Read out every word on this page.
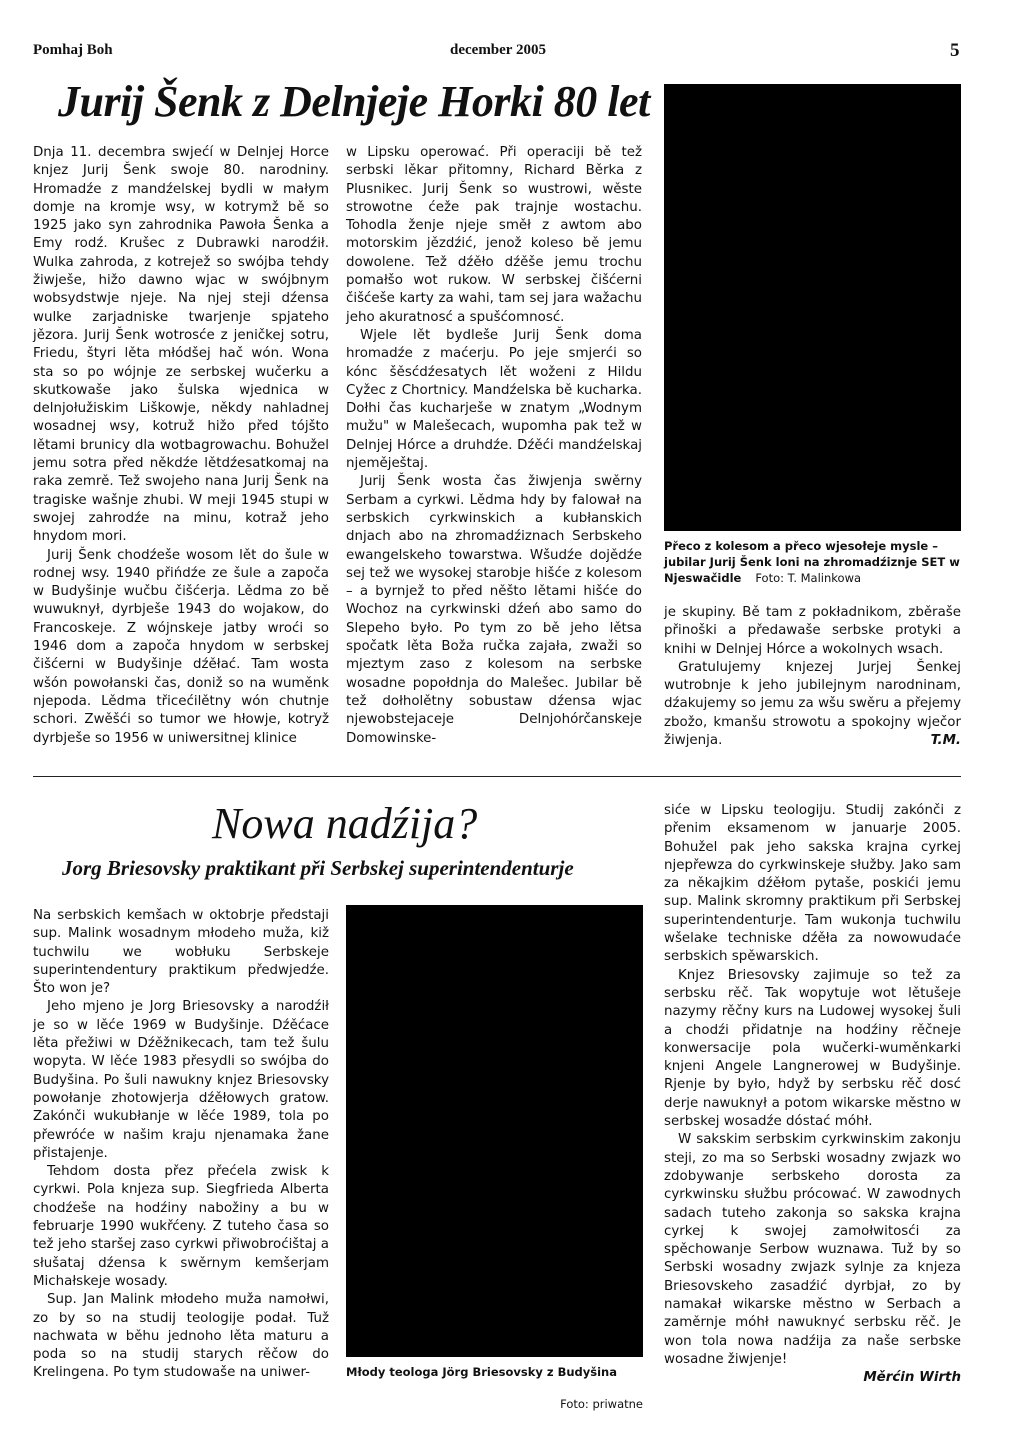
Pomhaj Boh	december 2005	5
Jurij Šenk z Delnjeje Horki 80 let

Dnja 11. decembra swjećí w Delnjej Horce knjez Jurij Šenk swoje 80. narodniny. Hromadźe z mandźelskej bydli w małym domje na kromje wsy, w kotrymž bě so 1925 jako syn zahrodnika Pawoła Šenka a Emy rodź. Krušec z Dubrawki narodźił. Wulka zahroda, z kotrejež so swójba tehdy žiwješe, hižo dawno wjac w swójbnym wobsydstwje njeje. Na njej steji dźensa wulke zarjadniske twarjenje spjateho jězora. Jurij Šenk wotrosće z jeničkej sotru, Friedu, štyri lěta młódšej hač wón. Wona sta so po wójnje ze serbskej wučerku a skutkowaše jako šulska wjednica w delnjołužiskim Liškowje, někdy nahladnej wosadnej wsy, kotruž hižo před tójšto lětami brunicy dla wotbagrowachu. Bohužel jemu sotra před někdźe lětdźesatkomaj na raka zemrě. Tež swojeho nana Jurij Šenk na tragiske wašnje zhubi. W meji 1945 stupi w swojej zahrodźe na minu, kotraž jeho hnydom mori.

Jurij Šenk chodźeše wosom lět do šule w rodnej wsy. 1940 přińdźe ze šule a započa w Budyšinje wučbu čišćerja. Lědma zo bě wuwuknył, dyrbješe 1943 do wojakow, do Francoskeje. Z wójnskeje jatby wroći so 1946 dom a započa hnydom w serbskej čišćerni w Budyšinje dźěłać. Tam wosta wšón powołanski čas, doniž so na wuměnk njepoda. Lědma třicećilětny wón chutnje schori. Zwěšći so tumor we hłowje, kotryž dyrbješe so 1956 w uniwersitnej klinice

w Lipsku operować. Při operaciji bě tež serbski lěkar přitomny, Richard Běrka z Plusnikec. Jurij Šenk so wustrowi, wěste strowotne ćeže pak trajnje wostachu. Tohodla ženje njeje směł z awtom abo motorskim jězdźić, jenož koleso bě jemu dowolene. Tež dźěło dźěše jemu trochu pomałšo wot rukow. W serbskej čišćerni čišćeše karty za wahi, tam sej jara wažachu jeho akuratnosć a spušćomnosć.

Wjele lět bydleše Jurij Šenk doma hromadźe z maćerju. Po jeje smjerći so kónc šěsćdźesatych lět woženi z Hildu Cyžec z Chortnicy. Mandźelska bě kucharka. Dołhi čas kucharješe w znatym „Wodnym mužu" w Malešecach, wupomha pak tež w Delnjej Hórce a druhdźe. Dźěći mandźelskaj njeměještaj.

Jurij Šenk wosta čas žiwjenja swěrny Serbam a cyrkwi. Lědma hdy by falował na serbskich cyrkwinskich a kubłanskich dnjach abo na zhromadźiznach Serbskeho ewangelskeho towarstwa. Wšudźe dojědźe sej tež we wysokej starobje hišće z kolesom – a byrnjež to před něšto lětami hišće do Wochoz na cyrkwinski dźeń abo samo do Slepeho było. Po tym zo bě jeho lětsa spočatk lěta Boža ručka zajała, zwaži so mjeztym zaso z kolesom na serbske wosadne popołdnja do Malešec. Jubilar bě tež dołholětny sobustaw dźensa wjac njewobstejaceje Delnjohórčanskeje Domowinske-

Přeco z kolesom a přeco wjesołeje mysle – jubilar Jurij Šenk loni na zhromadźiznje SET w Njeswačidle Foto: T. Malinkowa

je skupiny. Bě tam z pokładnikom, zběraše přinoški a předawaše serbske protyki a knihi w Delnjej Hórce a wokolnych wsach.

Gratulujemy knjezej Jurjej Šenkej wutrobnje k jeho jubilejnym narodninam, dźakujemy so jemu za wšu swěru a přejemy zbožo, kmanšu strowotu a spokojny wječor žiwjenja.	T.M.

Nowa nadźija?
Jorg Briesovsky praktikant při Serbskej superintendenturje

Na serbskich kemšach w oktobrje předstaji sup. Malink wosadnym młodeho muža, kiž tuchwilu we wobłuku Serbskeje superintendentury praktikum předwjedźe. Što won je?

Jeho mjeno je Jorg Briesovsky a narodźił je so w lěće 1969 w Budyšinje. Dźěćace lěta přežiwi w Dźěžnikecach, tam tež šulu wopyta. W lěće 1983 přesydli so swójba do Budyšina. Po šuli nawukny knjez Briesovsky powołanje zhotowjerja dźěłowych gratow. Zakónči wukubłanje w lěće 1989, tola po přewróće w našim kraju njenamaka žane přistajenje.

Tehdom dosta přez přećela zwisk k cyrkwi. Pola knjeza sup. Siegfrieda Alberta chodźeše na hodźiny nabožiny a bu w februarje 1990 wukřćeny. Z tuteho časa so tež jeho staršej zaso cyrkwi přiwobroćištaj a słušataj dźensa k swěrnym kemšerjam Michałskeje wosady.

Sup. Jan Malink młodeho muža namołwi, zo by so na studij teologije podał. Tuž nachwata w běhu jednoho lěta maturu a poda so na studij starych rěčow do Krelingena. Po tym studowaše na uniwer-	Młody teologa Jörg Briesovsky z Budyšina
Foto: priwatne

sićе w Lipsku teologiju. Studij zakónči z přenim eksamenom w januarje 2005. Bohužel pak jeho sakska krajna cyrkej njepřewza do cyrkwinskeje słužby. Jako sam za někajkim dźěłom pytaše, poskići jemu sup. Malink skromny praktikum při Serbskej superintendenturje. Tam wukonja tuchwilu wšelake techniske dźěła za nowowudaće serbskich spěwarskich.

Knjez Briesovsky zajimuje so tež za serbsku rěč. Tak wopytuje wot lětušeje nazymy rěčny kurs na Ludowej wysokej šuli a chodźi přidatnje na hodźiny rěčneje konwersacije pola wučerki-wuměnkarki knjeni Angele Langnerowej w Budyšinje. Rjenje by było, hdyž by serbsku rěč dosć derje nawuknył a potom wikarske městno w serbskej wosadźe dóstać móhł.

W sakskim serbskim cyrkwinskim zakonju steji, zo ma so Serbski wosadny zwjazk wo zdobywanje serbskeho dorosta za cyrkwinsku słužbu prócować. W zawodnych sadach tuteho zakonja so sakska krajna cyrkej k swojej zamołwitosći za spěchowanje Serbow wuznawa. Tuž by so Serbski wosadny zwjazk sylnje za knjeza Briesovskeho zasadźić dyrbjał, zo by namakał wikarske městno w Serbach a zaměrnje móhł nawuknyć serbsku rěč. Je won tola nowa nadźija za naše serbske wosadne žiwjenje!

Měrćin Wirth
